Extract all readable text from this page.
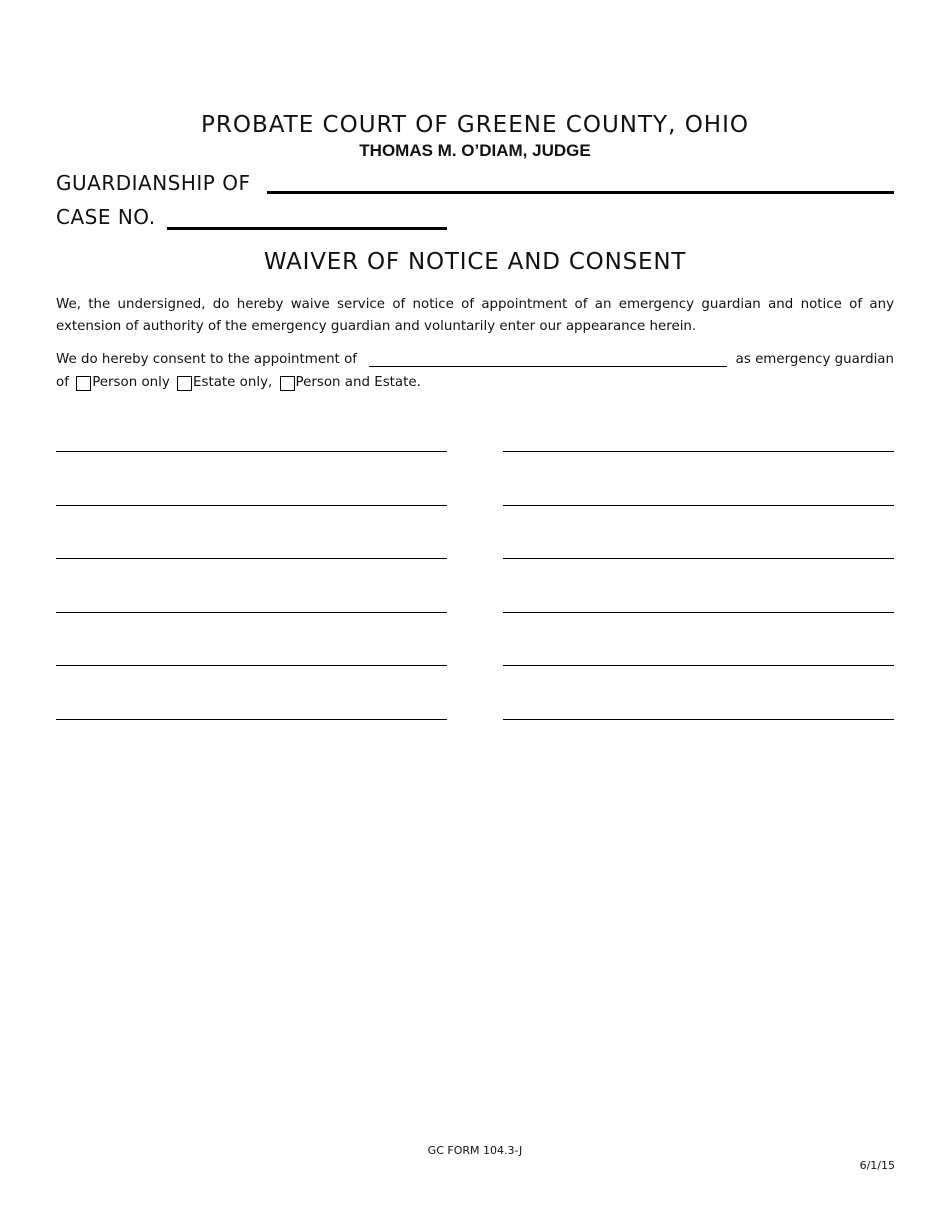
PROBATE COURT OF GREENE COUNTY, OHIO
THOMAS M. O’DIAM, JUDGE
GUARDIANSHIP OF
CASE NO.
WAIVER OF NOTICE AND CONSENT
We, the undersigned, do hereby waive service of notice of appointment of an emergency guardian and notice of any
extension of authority of the emergency guardian and voluntarily enter our appearance herein.
We do hereby consent to the appointment of	as emergency guardian
of Person only Estate only, Person and Estate.
GC FORM 104.3-J
6/1/15
